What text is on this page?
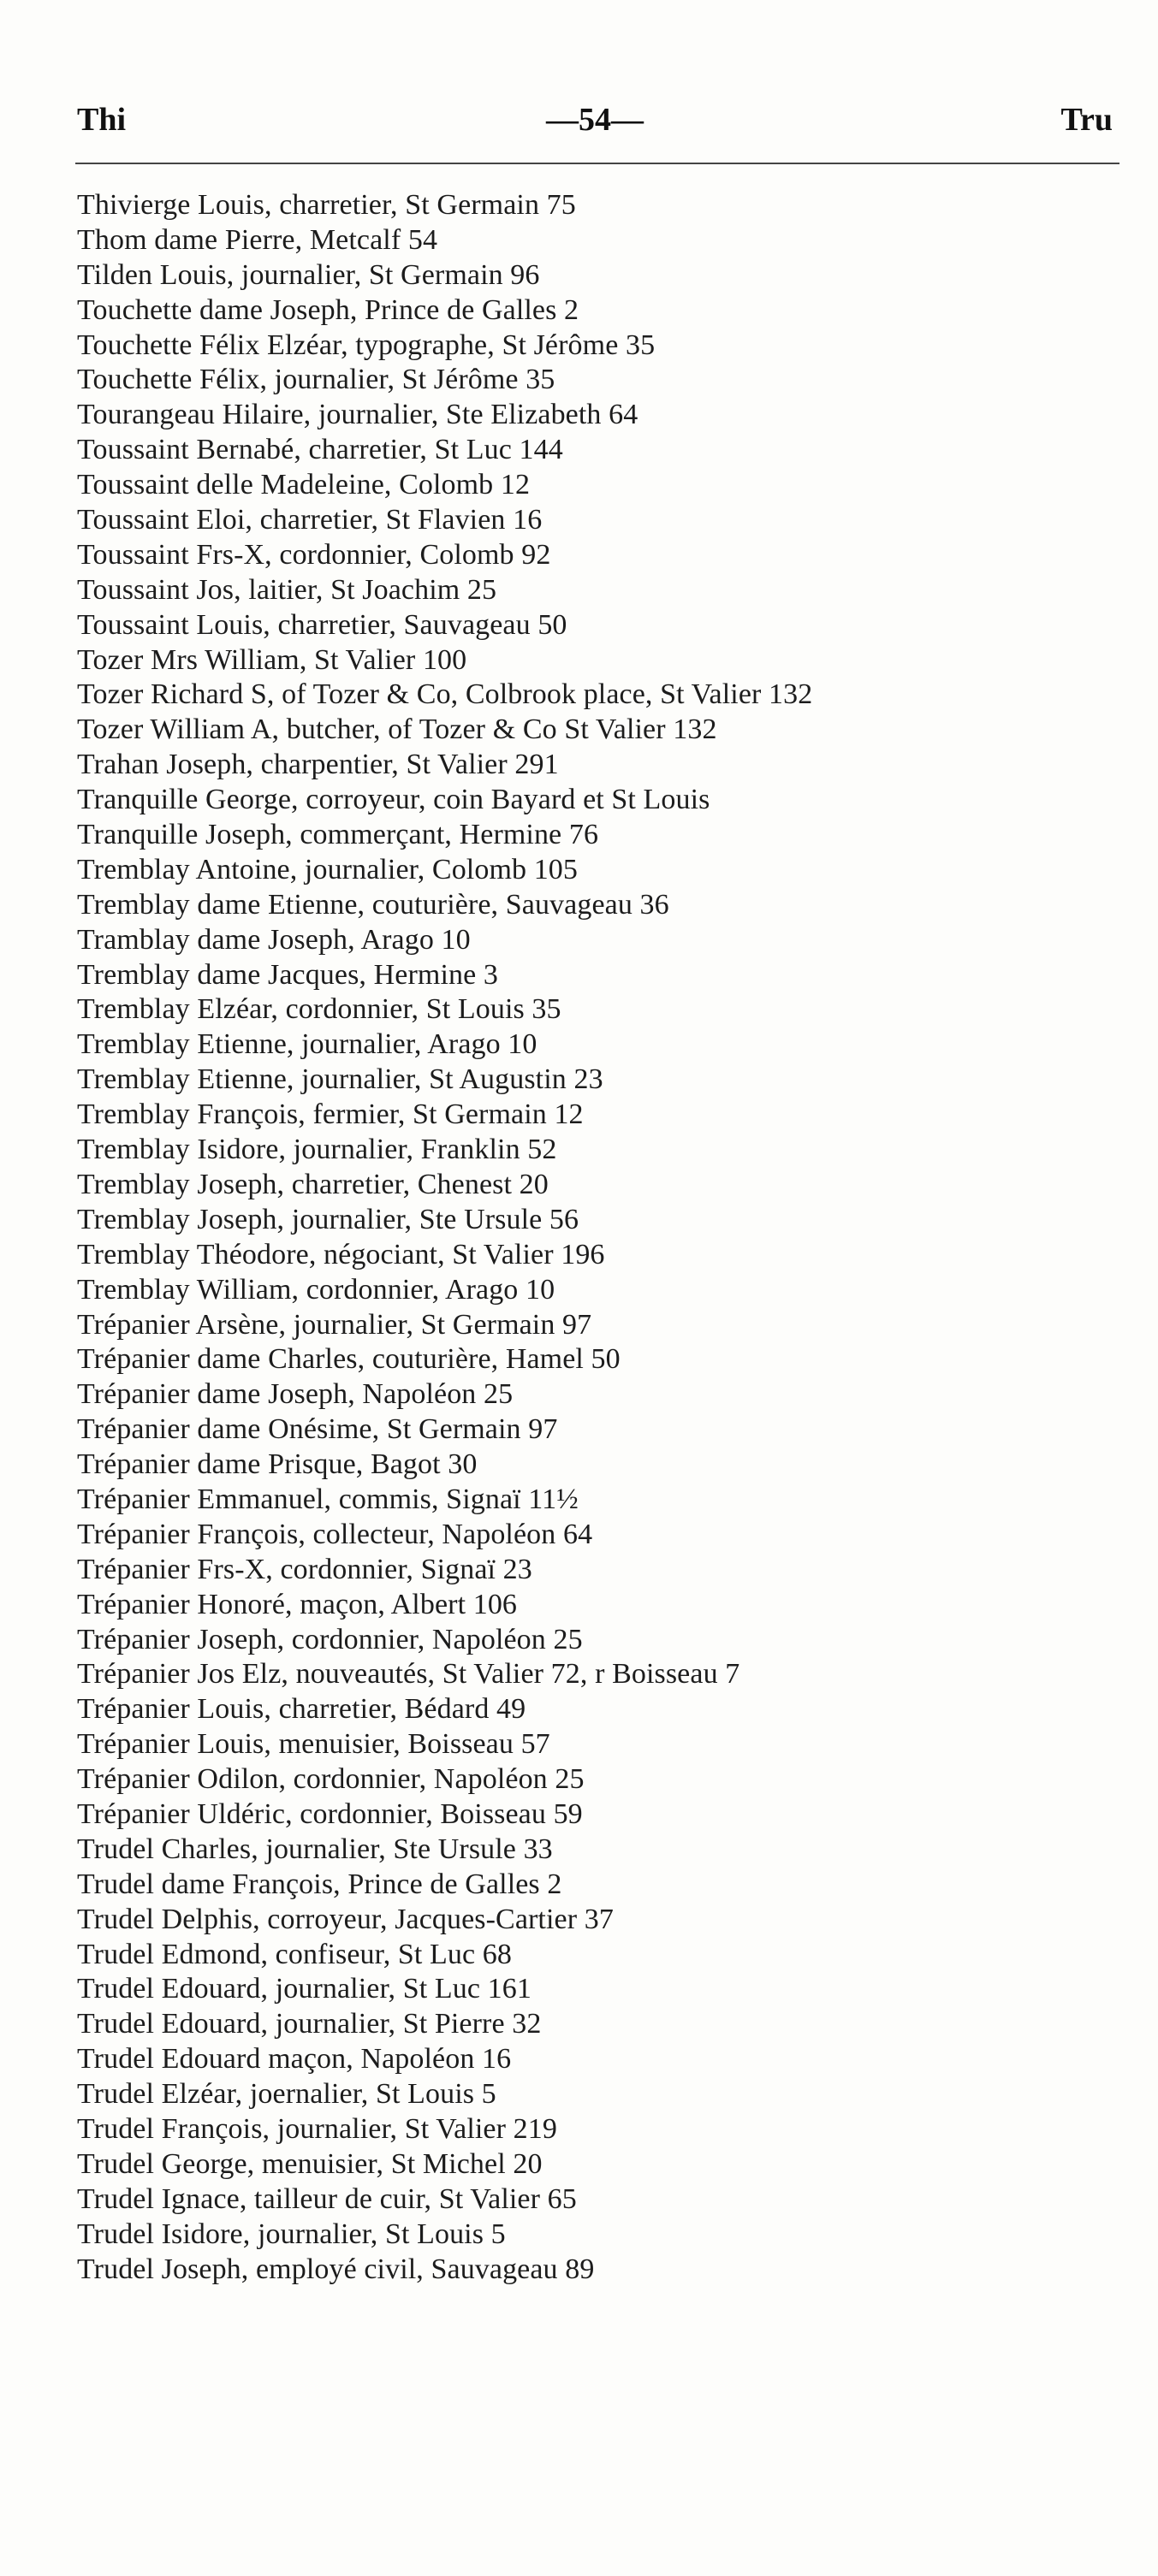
Thi	—54—	Tru
Thivierge Louis, charretier, St Germain 75
Thom dame Pierre, Metcalf 54
Tilden Louis, journalier, St Germain 96
Touchette dame Joseph, Prince de Galles 2
Touchette Félix Elzéar, typographe, St Jérôme 35
Touchette Félix, journalier, St Jérôme 35
Tourangeau Hilaire, journalier, Ste Elizabeth 64
Toussaint Bernabé, charretier, St Luc 144
Toussaint delle Madeleine, Colomb 12
Toussaint Eloi, charretier, St Flavien 16
Toussaint Frs-X, cordonnier, Colomb 92
Toussaint Jos, laitier, St Joachim 25
Toussaint Louis, charretier, Sauvageau 50
Tozer Mrs William, St Valier 100
Tozer Richard S, of Tozer & Co, Colbrook place, St Valier 132
Tozer William A, butcher, of Tozer & Co St Valier 132
Trahan Joseph, charpentier, St Valier 291
Tranquille George, corroyeur, coin Bayard et St Louis
Tranquille Joseph, commerçant, Hermine 76
Tremblay Antoine, journalier, Colomb 105
Tremblay dame Etienne, couturière, Sauvageau 36
Tramblay dame Joseph, Arago 10
Tremblay dame Jacques, Hermine 3
Tremblay Elzéar, cordonnier, St Louis 35
Tremblay Etienne, journalier, Arago 10
Tremblay Etienne, journalier, St Augustin 23
Tremblay François, fermier, St Germain 12
Tremblay Isidore, journalier, Franklin 52
Tremblay Joseph, charretier, Chenest 20
Tremblay Joseph, journalier, Ste Ursule 56
Tremblay Théodore, négociant, St Valier 196
Tremblay William, cordonnier, Arago 10
Trépanier Arsène, journalier, St Germain 97
Trépanier dame Charles, couturière, Hamel 50
Trépanier dame Joseph, Napoléon 25
Trépanier dame Onésime, St Germain 97
Trépanier dame Prisque, Bagot 30
Trépanier Emmanuel, commis, Signaï 11½
Trépanier François, collecteur, Napoléon 64
Trépanier Frs-X, cordonnier, Signaï 23
Trépanier Honoré, maçon, Albert 106
Trépanier Joseph, cordonnier, Napoléon 25
Trépanier Jos Elz, nouveautés, St Valier 72, r Boisseau 7
Trépanier Louis, charretier, Bédard 49
Trépanier Louis, menuisier, Boisseau 57
Trépanier Odilon, cordonnier, Napoléon 25
Trépanier Uldéric, cordonnier, Boisseau 59
Trudel Charles, journalier, Ste Ursule 33
Trudel dame François, Prince de Galles 2
Trudel Delphis, corroyeur, Jacques-Cartier 37
Trudel Edmond, confiseur, St Luc 68
Trudel Edouard, journalier, St Luc 161
Trudel Edouard, journalier, St Pierre 32
Trudel Edouard maçon, Napoléon 16
Trudel Elzéar, joernalier, St Louis 5
Trudel François, journalier, St Valier 219
Trudel George, menuisier, St Michel 20
Trudel Ignace, tailleur de cuir, St Valier 65
Trudel Isidore, journalier, St Louis 5
Trudel Joseph, employé civil, Sauvageau 89
